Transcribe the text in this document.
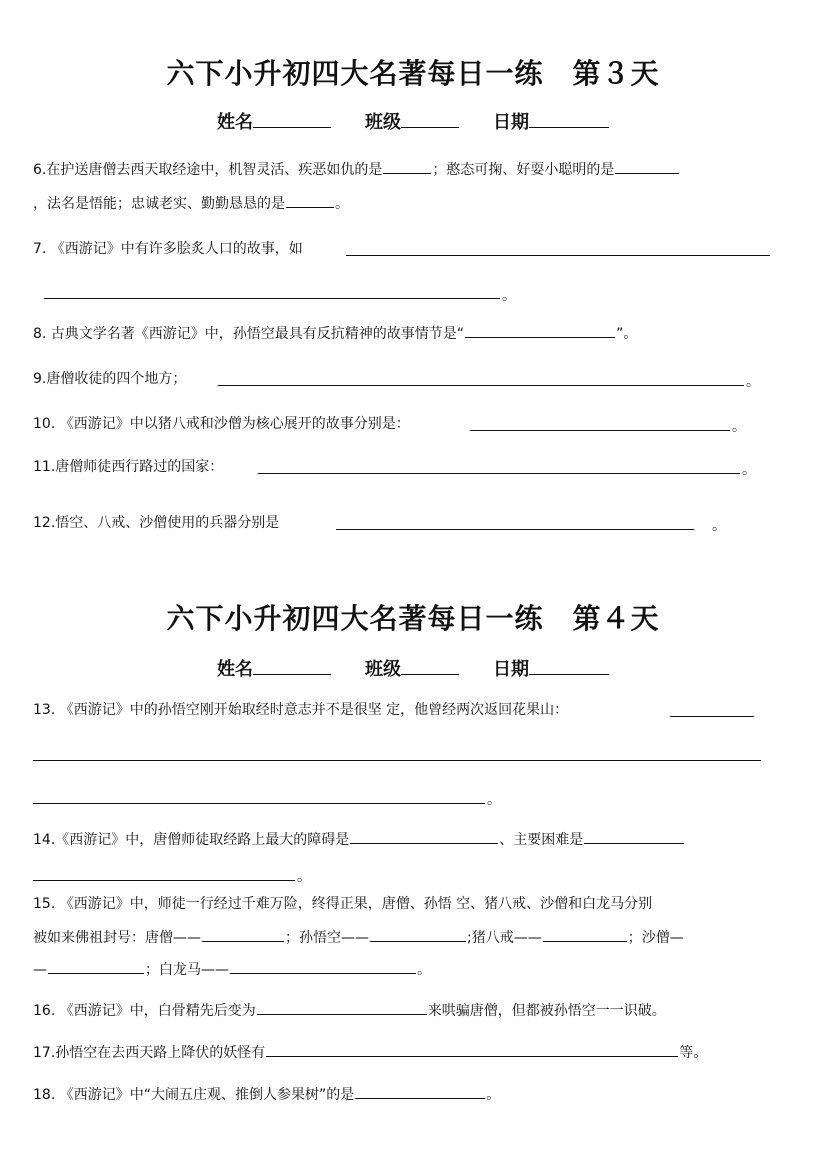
六下小升初四大名著每日一练　第３天
姓名	班级	日期
6.在护送唐僧去西天取经途中，机智灵活、疾恶如仇的是	；憨态可掬、好耍小聪明的是
，法名是悟能；忠诚老实、勤勤恳恳的是	。
7. 《西游记》中有许多脍炙人口的故事，如
。
8. 古典文学名著《西游记》中，孙悟空最具有反抗精神的故事情节是“	”。
9.唐僧收徒的四个地方；	。
10. 《西游记》中以猪八戒和沙僧为核心展开的故事分别是：	。
11.唐僧师徒西行路过的国家：	。
12.悟空、八戒、沙僧使用的兵器分别是	。
六下小升初四大名著每日一练　第４天
姓名	班级	日期
13. 《西游记》中的孙悟空刚开始取经时意志并不是很坚 定，他曾经两次返回花果山：
。
14.《西游记》中，唐僧师徒取经路上最大的障碍是	、主要困难是
。
15. 《西游记》中，师徒一行经过千难万险，终得正果，唐僧、孙悟 空、猪八戒、沙僧和白龙马分别
被如来佛祖封号：唐僧——	；孙悟空——	;猪八戒——	；沙僧—
—	；白龙马——	。
16. 《西游记》中，白骨精先后变为	来哄骗唐僧，但都被孙悟空一一识破。
17.孙悟空在去西天路上降伏的妖怪有	等。
18. 《西游记》中“大闹五庄观、推倒人参果树”的是	。
